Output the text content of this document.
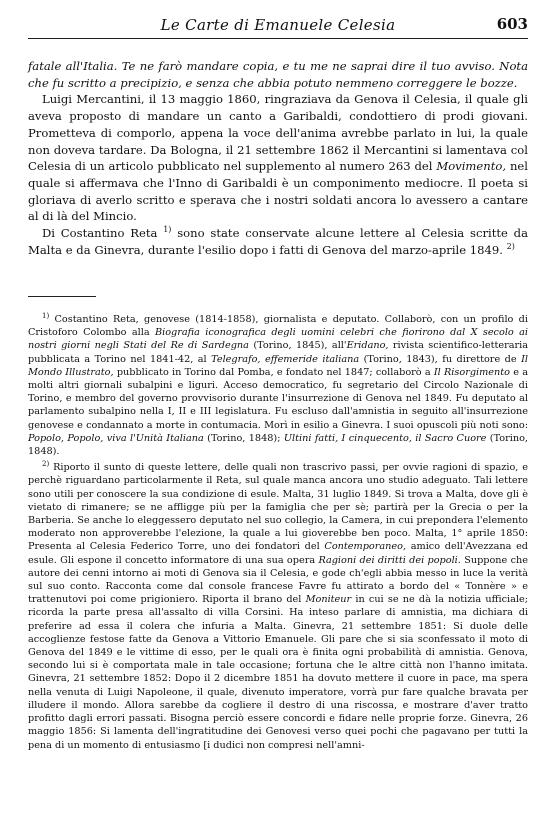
Le Carte di Emanuele Celesia	603

fatale all'Italia. Te ne farò mandare copia, e tu me ne saprai dire il tuo avviso. Nota che fu scritto a precipizio, e senza che abbia potuto nemmeno correggere le bozze.

Luigi Mercantini, il 13 maggio 1860, ringraziava da Genova il Celesia, il quale gli aveva proposto di mandare un canto a Garibaldi, condottiero di prodi giovani. Prometteva di comporlo, appena la voce dell'anima avrebbe parlato in lui, la quale non doveva tardare. Da Bologna, il 21 settembre 1862 il Mercantini si lamentava col Celesia di un articolo pubblicato nel supplemento al numero 263 del Movimento, nel quale si affermava che l'Inno di Garibaldi è un componimento mediocre. Il poeta si gloriava di averlo scritto e sperava che i nostri soldati ancora lo avessero a cantare al di là del Mincio.

Di Costantino Reta $^{1)}$ sono state conservate alcune lettere al Celesia scritte da Malta e da Ginevra, durante l'esilio dopo i fatti di Genova del marzo-aprile 1849. $^{2)}$

$^{1)}$ Costantino Reta, genovese (1814-1858), giornalista e deputato. Collaborò, con un profilo di Cristoforo Colombo alla Biografia iconografica degli uomini celebri che fiorirono dal X secolo ai nostri giorni negli Stati del Re di Sardegna (Torino, 1845), all'Eridano, rivista scientifico-letteraria pubblicata a Torino nel 1841-42, al Telegrafo, effemeride italiana (Torino, 1843), fu direttore de Il Mondo Illustrato, pubblicato in Torino dal Pomba, e fondato nel 1847; collaborò a Il Risorgimento e a molti altri giornali subalpini e liguri. Acceso democratico, fu segretario del Circolo Nazionale di Torino, e membro del governo provvisorio durante l'insurrezione di Genova nel 1849. Fu deputato al parlamento subalpino nella I, II e III legislatura. Fu escluso dall'amnistia in seguito all'insurrezione genovese e condannato a morte in contumacia. Morì in esilio a Ginevra. I suoi opuscoli più noti sono: Popolo, Popolo, viva l'Unità Italiana (Torino, 1848); Ultini fatti, I cinquecento, il Sacro Cuore (Torino, 1848).

$^{2)}$ Riporto il sunto di queste lettere, delle quali non trascrivo passi, per ovvie ragioni di spazio, e perchè riguardano particolarmente il Reta, sul quale manca ancora uno studio adeguato. Tali lettere sono utili per conoscere la sua condizione di esule. Malta, 31 luglio 1849. Si trova a Malta, dove gli è vietato di rimanere; se ne affligge più per la famiglia che per sè; partirà per la Grecia o per la Barberia. Se anche lo eleggessero deputato nel suo collegio, la Camera, in cui preponderа l'elemento moderato non approverebbe l'elezione, la quale a lui gioverebbe ben poco. Malta, 1° aprile 1850: Presenta al Celesia Federico Torre, uno dei fondatori del Contemporaneo, amico dell'Avezzana ed esule. Gli espone il concetto informatore di una sua opera Ragioni dei diritti dei popoli. Suppone che autore dei cenni intorno ai moti di Genova sia il Celesia, e gode ch'egli abbia messo in luce la verità sul suo conto. Racconta come dal console francese Favre fu attirato a bordo del « Tonnère » e trattenutovi poi come prigioniero. Riporta il brano del Moniteur in cui se ne dà la notizia ufficiale; ricorda la parte presa all'assalto di villa Corsini. Ha inteso parlare di amnistia, ma dichiara di preferire ad essa il colera che infuria a Malta. Ginevra, 21 settembre 1851: Si duole delle accoglienze festose fatte da Genova a Vittorio Emanuele. Gli pare che si sia sconfessato il moto di Genova del 1849 e le vittime di esso, per le quali ora è finita ogni probabilità di amnistia. Genova, secondo lui si è comportata male in tale occasione; fortuna che le altre città non l'hanno imitata. Ginevra, 21 settembre 1852: Dopo il 2 dicembre 1851 ha dovuto mettere il cuore in pace, ma spera nella venuta di Luigi Napoleone, il quale, divenuto imperatore, vorrà pur fare qualche bravata per illudere il mondo. Allora sarebbe da cogliere il destro di una riscossa, e mostrare d'aver tratto profitto dagli errori passati. Bisogna perciò essere concordi e fidare nelle proprie forze. Ginevra, 26 maggio 1856: Si lamenta dell'ingratitudine dei Genovesi verso quei pochi che pagavano per tutti la pena di un momento di entusiasmo [i dudici non compresi nell'amni-
